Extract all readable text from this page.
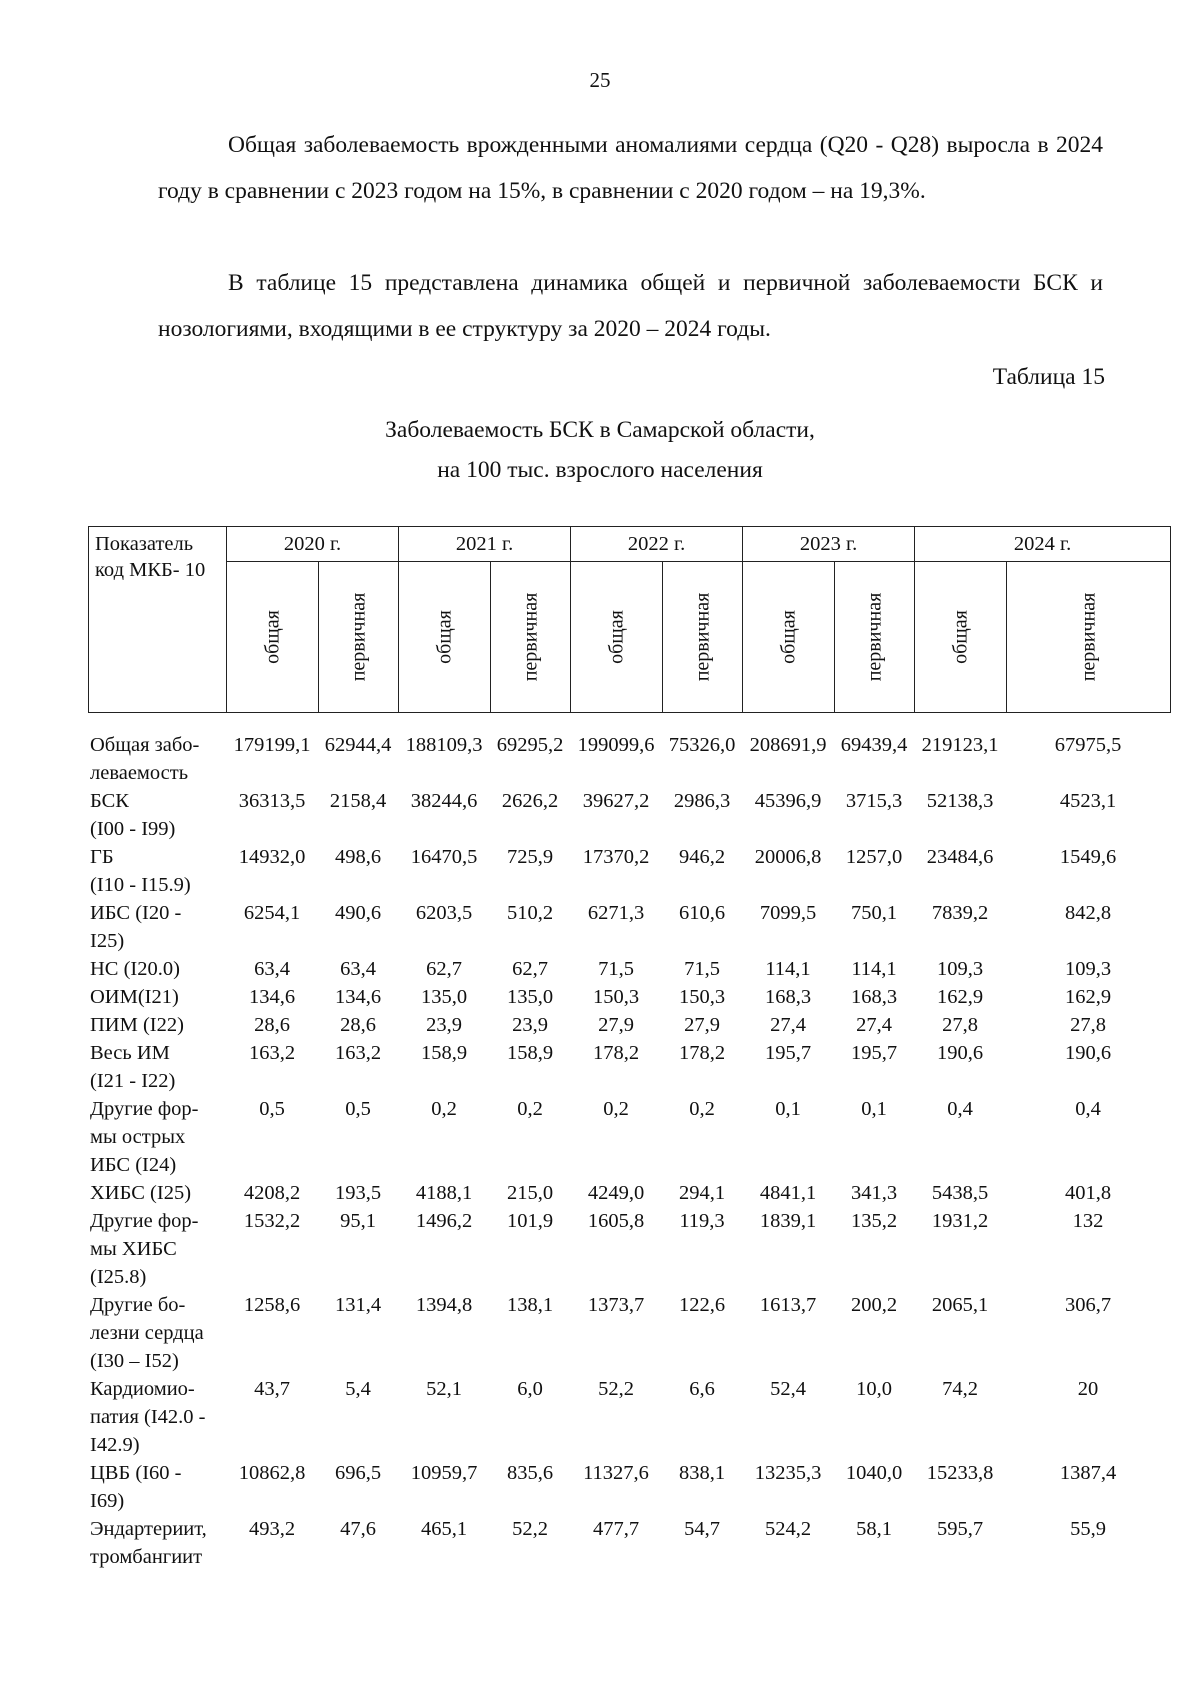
25
Общая заболеваемость врожденными аномалиями сердца (Q20 - Q28) выросла в 2024 году в сравнении с 2023 годом на 15%, в сравнении с 2020 годом – на 19,3%.
В таблице 15 представлена динамика общей и первичной заболеваемости БСК и нозологиями, входящими в ее структуру за 2020 – 2024 годы.
Таблица 15
Заболеваемость БСК в Самарской области,
на 100 тыс. взрослого населения
Показатель
код МКБ- 10	2020 г.		2021 г.		2022 г.		2023 г.		2024 г.	

	общая	первичная	общая	первичная	общая	первичная	общая	первичная	общая	первичная
Общая забо-
леваемость	179199,1	62944,4	188109,3	69295,2	199099,6	75326,0	208691,9	69439,4	219123,1	67975,5

БСК
(I00 - I99)	36313,5	2158,4	38244,6	2626,2	39627,2	2986,3	45396,9	3715,3	52138,3	4523,1

ГБ
(I10 - I15.9)	14932,0	498,6	16470,5	725,9	17370,2	946,2	20006,8	1257,0	23484,6	1549,6

ИБС (I20 -
I25)	6254,1	490,6	6203,5	510,2	6271,3	610,6	7099,5	750,1	7839,2	842,8

НС (I20.0)	63,4	63,4	62,7	62,7	71,5	71,5	114,1	114,1	109,3	109,3

ОИМ(I21)	134,6	134,6	135,0	135,0	150,3	150,3	168,3	168,3	162,9	162,9

ПИМ (I22)	28,6	28,6	23,9	23,9	27,9	27,9	27,4	27,4	27,8	27,8

Весь ИМ
(I21 - I22)	163,2	163,2	158,9	158,9	178,2	178,2	195,7	195,7	190,6	190,6

Другие фор-
мы острых
ИБС (I24)	0,5	0,5	0,2	0,2	0,2	0,2	0,1	0,1	0,4	0,4

ХИБС (I25)	4208,2	193,5	4188,1	215,0	4249,0	294,1	4841,1	341,3	5438,5	401,8

Другие фор-
мы ХИБС
(I25.8)	1532,2	95,1	1496,2	101,9	1605,8	119,3	1839,1	135,2	1931,2	132

Другие бо-
лезни сердца
(I30 – I52)	1258,6	131,4	1394,8	138,1	1373,7	122,6	1613,7	200,2	2065,1	306,7

Кардиомио-
патия (I42.0 -
I42.9)	43,7	5,4	52,1	6,0	52,2	6,6	52,4	10,0	74,2	20

ЦВБ (I60 -
I69)	10862,8	696,5	10959,7	835,6	11327,6	838,1	13235,3	1040,0	15233,8	1387,4

Эндартериит,
тромбангиит	493,2	47,6	465,1	52,2	477,7	54,7	524,2	58,1	595,7	55,9
